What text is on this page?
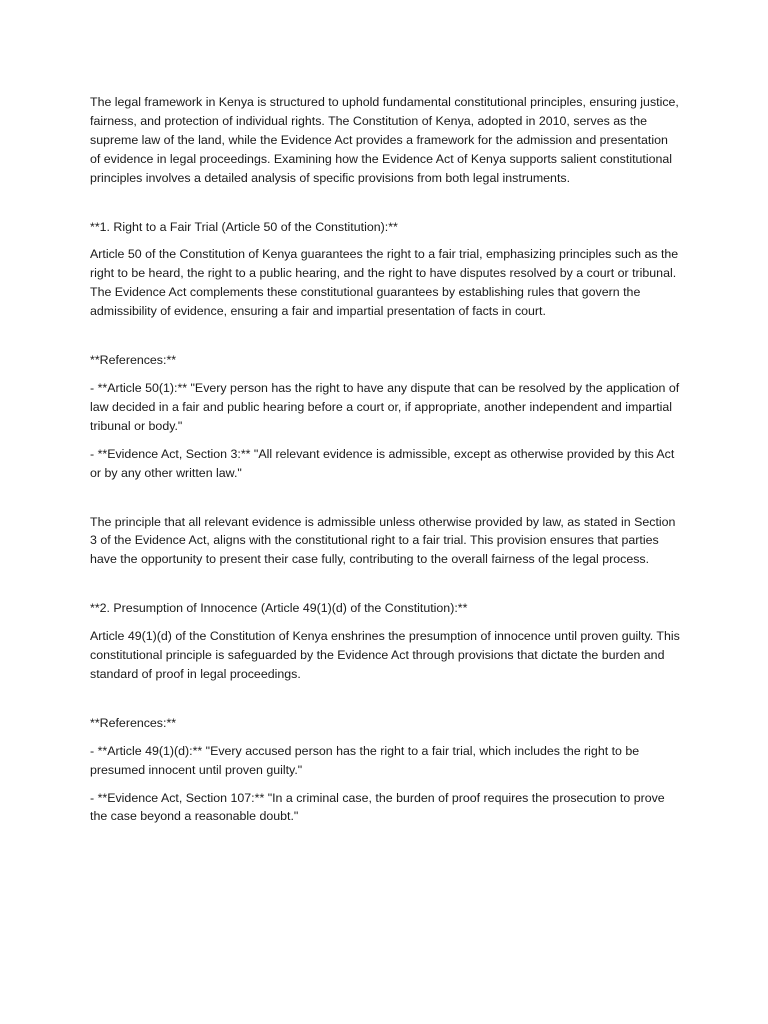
The legal framework in Kenya is structured to uphold fundamental constitutional principles, ensuring justice, fairness, and protection of individual rights. The Constitution of Kenya, adopted in 2010, serves as the supreme law of the land, while the Evidence Act provides a framework for the admission and presentation of evidence in legal proceedings. Examining how the Evidence Act of Kenya supports salient constitutional principles involves a detailed analysis of specific provisions from both legal instruments.

**1. Right to a Fair Trial (Article 50 of the Constitution):**

Article 50 of the Constitution of Kenya guarantees the right to a fair trial, emphasizing principles such as the right to be heard, the right to a public hearing, and the right to have disputes resolved by a court or tribunal. The Evidence Act complements these constitutional guarantees by establishing rules that govern the admissibility of evidence, ensuring a fair and impartial presentation of facts in court.

**References:**

- **Article 50(1):** "Every person has the right to have any dispute that can be resolved by the application of law decided in a fair and public hearing before a court or, if appropriate, another independent and impartial tribunal or body."

- **Evidence Act, Section 3:** "All relevant evidence is admissible, except as otherwise provided by this Act or by any other written law."

The principle that all relevant evidence is admissible unless otherwise provided by law, as stated in Section 3 of the Evidence Act, aligns with the constitutional right to a fair trial. This provision ensures that parties have the opportunity to present their case fully, contributing to the overall fairness of the legal process.

**2. Presumption of Innocence (Article 49(1)(d) of the Constitution):**

Article 49(1)(d) of the Constitution of Kenya enshrines the presumption of innocence until proven guilty. This constitutional principle is safeguarded by the Evidence Act through provisions that dictate the burden and standard of proof in legal proceedings.

**References:**

- **Article 49(1)(d):** "Every accused person has the right to a fair trial, which includes the right to be presumed innocent until proven guilty."

- **Evidence Act, Section 107:** "In a criminal case, the burden of proof requires the prosecution to prove the case beyond a reasonable doubt."
